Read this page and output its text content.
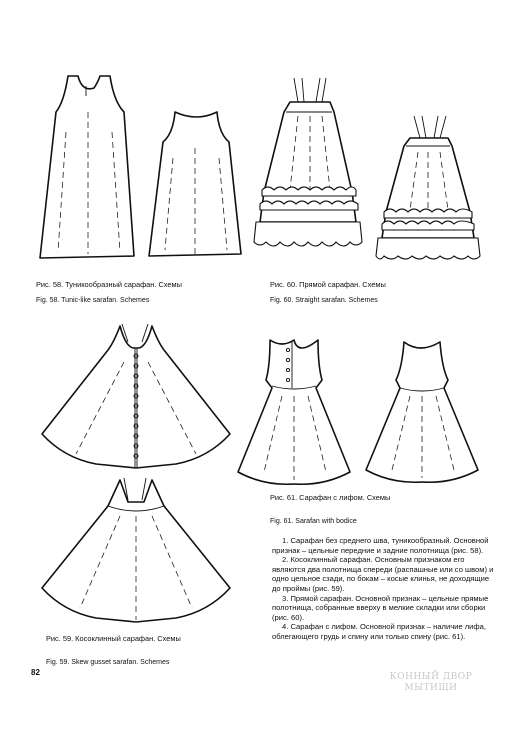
Рис. 58. Туникообразный сарафан. Схемы
Fig. 58. Tunic-like sarafan. Schemes
Рис. 60. Прямой сарафан. Схемы
Fig. 60. Straight sarafan. Schemes
Рис. 59. Косоклинный сарафан. Схемы
Fig. 59. Skew gusset sarafan. Schemes
Рис. 61. Сарафан с лифом. Схемы
Fig. 61. Sarafan with bodice

1. Сарафан без среднего шва, туникообразный. Основной признак – цельные передние и задние полотнища (рис. 58).

2. Косоклинный сарафан. Основным признаком его являются два полотнища спереди (распашные или со швом) и одно цельное сзади, по бокам – косые клинья, не доходящие до проймы (рис. 59).

3. Прямой сарафан. Основной признак – цельные прямые полотнища, собранные вверху в мелкие складки или сборки (рис. 60).

4. Сарафан с лифом. Основной признак – наличие лифа, облегающего грудь и спину или только спину (рис. 61).

82	КОННЫЙ ДВОР
МЫТИЩИ
